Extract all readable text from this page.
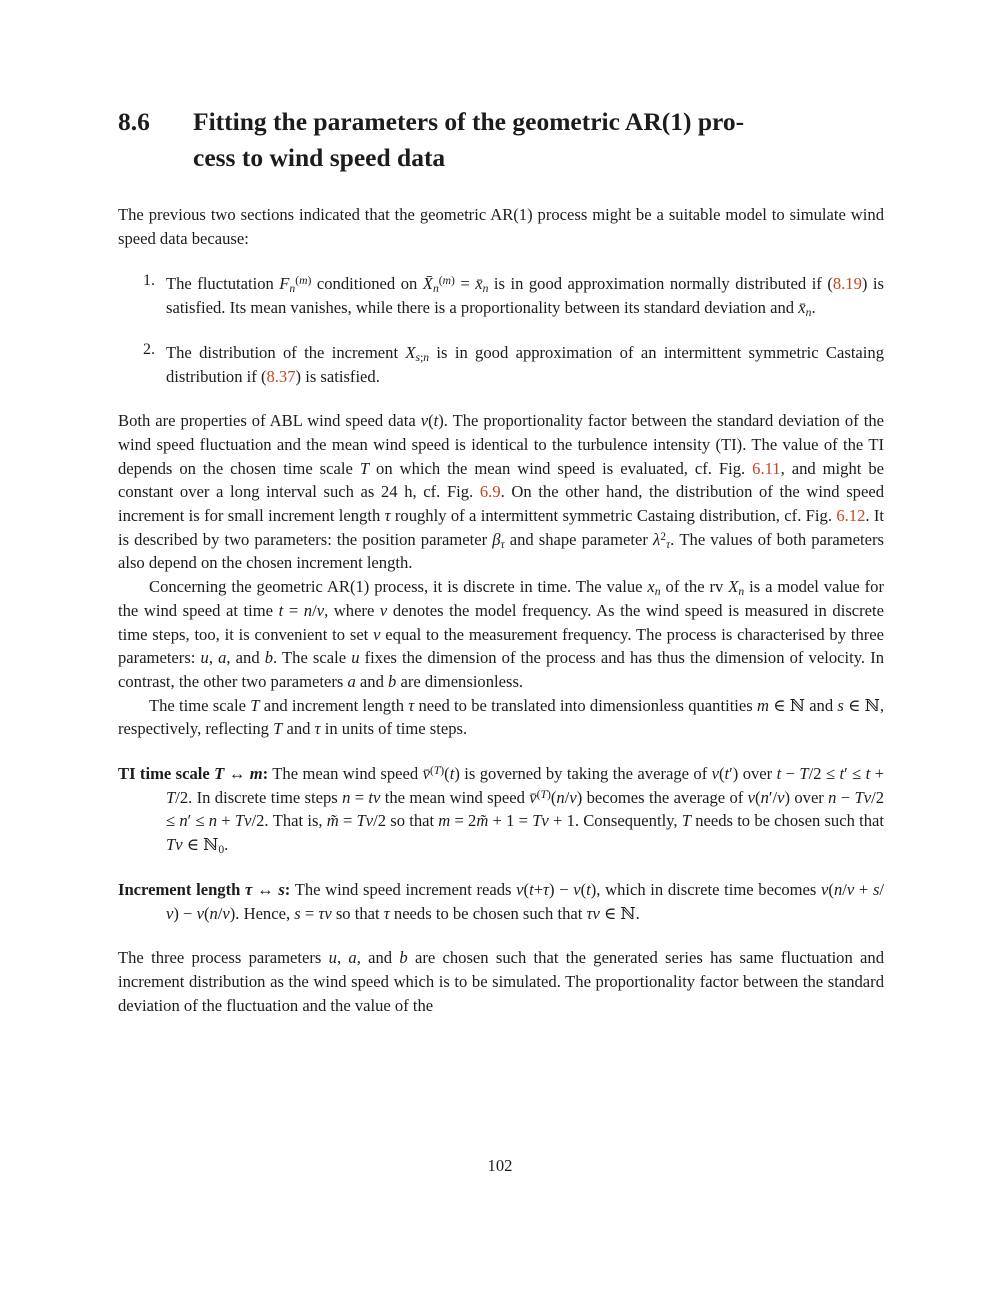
8.6	Fitting the parameters of the geometric AR(1) pro-
cess to wind speed data

The previous two sections indicated that the geometric AR(1) process might be a suitable model to simulate wind speed data because:

1. The fluctutation $F_n^{(m)}$ conditioned on $X̄_n^{(m)}$ = $x̄_n$ is in good approximation normally distributed if (8.19) is satisfied. Its mean vanishes, while there is a proportionality between its standard deviation and $x̄_n$.
2. The distribution of the increment $X_{s;n}$ is in good approximation of an intermittent symmetric Castaing distribution if (8.37) is satisfied.

Both are properties of ABL wind speed data v(t). The proportionality factor between the standard deviation of the wind speed fluctuation and the mean wind speed is identical to the turbulence intensity (TI). The value of the TI depends on the chosen time scale T on which the mean wind speed is evaluated, cf. Fig. 6.11, and might be constant over a long interval such as 24 h, cf. Fig. 6.9. On the other hand, the distribution of the wind speed increment is for small increment length τ roughly of a intermittent symmetric Castaing distribution, cf. Fig. 6.12. It is described by two parameters: the position parameter $\beta_\tau$ and shape parameter $\lambda^2_\tau$. The values of both parameters also depend on the chosen increment length.

Concerning the geometric AR(1) process, it is discrete in time. The value $x_n$ of the rv $X_n$ is a model value for the wind speed at time t = n/ν, where ν denotes the model frequency. As the wind speed is measured in discrete time steps, too, it is convenient to set ν equal to the measurement frequency. The process is characterised by three parameters: u, a, and b. The scale u fixes the dimension of the process and has thus the dimension of velocity. In contrast, the other two parameters a and b are dimensionless.

The time scale T and increment length τ need to be translated into dimensionless quantities m ∈ ℕ and s ∈ ℕ, respectively, reflecting T and τ in units of time steps.

TI time scale T ↔ m: The mean wind speed v̄$^{(T)}$(t) is governed by taking the average of v(t′) over t − T/2 ≤ t′ ≤ t + T/2. In discrete time steps n = tν the mean wind speed v̄$^{(T)}$(n/ν) becomes the average of v(n′/ν) over n − Tν/2 ≤ n′ ≤ n + Tν/2. That is, m̃ = Tν/2 so that m = 2m̃ + 1 = Tν + 1. Consequently, T needs to be chosen such that Tν ∈ ℕ$_0$.

Increment length τ ↔ s: The wind speed increment reads v(t+τ) − v(t), which in discrete time becomes v(n/ν + s/ν) − v(n/ν). Hence, s = τν so that τ needs to be chosen such that τν ∈ ℕ.

The three process parameters u, a, and b are chosen such that the generated series has same fluctuation and increment distribution as the wind speed which is to be simulated. The proportionality factor between the standard deviation of the fluctuation and the value of the

102
